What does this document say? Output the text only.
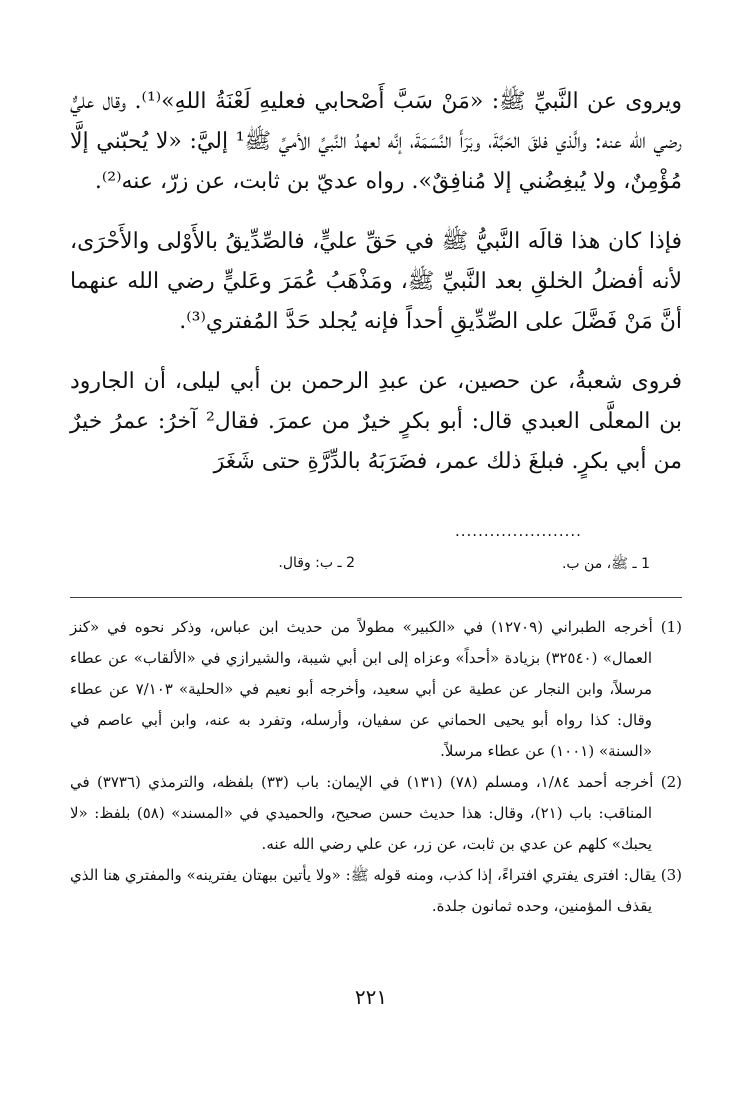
ويروى عن النَّبيِّ ﷺ: «مَنْ سَبَّ أَصْحابي فعليهِ لَعْنَةُ اللهِ»⁽¹⁾. وقال عليٌّ رضي الله عنه: والَّذي فلقَ الحَبَّةَ، وبَرَأَ النَّسَمَةَ، إنَّه لعهدُ النَّبيِّ الأميِّ ﷺ¹ إليَّ: «لا يُحبّني إلَّا مُؤْمِنٌ، ولا يُبغِضُني إلا مُنافِقٌ». رواه عديّ بن ثابت، عن زرّ، عنه⁽²⁾.

فإذا كان هذا قالَه النَّبيُّ ﷺ في حَقِّ عليٍّ، فالصِّدِّيقُ بالأَوْلى والأَحْرَى، لأنه أفضلُ الخلقِ بعد النَّبيِّ ﷺ، ومَذْهَبُ عُمَرَ وعَليٍّ رضي الله عنهما أنَّ مَنْ فَضَّلَ على الصِّدِّيقِ أحداً فإنه يُجلد حَدَّ المُفتري⁽³⁾.

فروى شعبةُ، عن حصين، عن عبدِ الرحمن بن أبي ليلى، أن الجارود بن المعلَّى العبدي قال: أبو بكرٍ خيرٌ من عمرَ. فقال² آخرُ: عمرُ خيرٌ من أبي بكرٍ. فبلغَ ذلك عمر، فضَرَبَهُ بالدِّرَّةِ حتى شَغَرَ

......................
1 ـ ﷺ، من ب.
2 ـ ب: وقال.

(1) أخرجه الطبراني (١٢٧٠٩) في «الكبير» مطولاً من حديث ابن عباس، وذكر نحوه في «كنز العمال» (٣٢٥٤٠) بزيادة «أحداً» وعزاه إلى ابن أبي شيبة، والشيرازي في «الألقاب» عن عطاء مرسلاً، وابن النجار عن عطية عن أبي سعيد، وأخرجه أبو نعيم في «الحلية» ٧/١٠٣ عن عطاء وقال: كذا رواه أبو يحيى الحماني عن سفيان، وأرسله، وتفرد به عنه، وابن أبي عاصم في «السنة» (١٠٠١) عن عطاء مرسلاً.

(2) أخرجه أحمد ١/٨٤، ومسلم (٧٨) (١٣١) في الإيمان: باب (٣٣) بلفظه، والترمذي (٣٧٣٦) في المناقب: باب (٢١)، وقال: هذا حديث حسن صحيح، والحميدي في «المسند» (٥٨) بلفظ: «لا يحبك» كلهم عن عدي بن ثابت، عن زر، عن علي رضي الله عنه.

(3) يقال: افترى يفتري افتراءً، إذا كذب، ومنه قوله ﷺ: «ولا يأتين ببهتان يفترينه» والمفتري هنا الذي يقذف المؤمنين، وحده ثمانون جلدة.

٢٢١
